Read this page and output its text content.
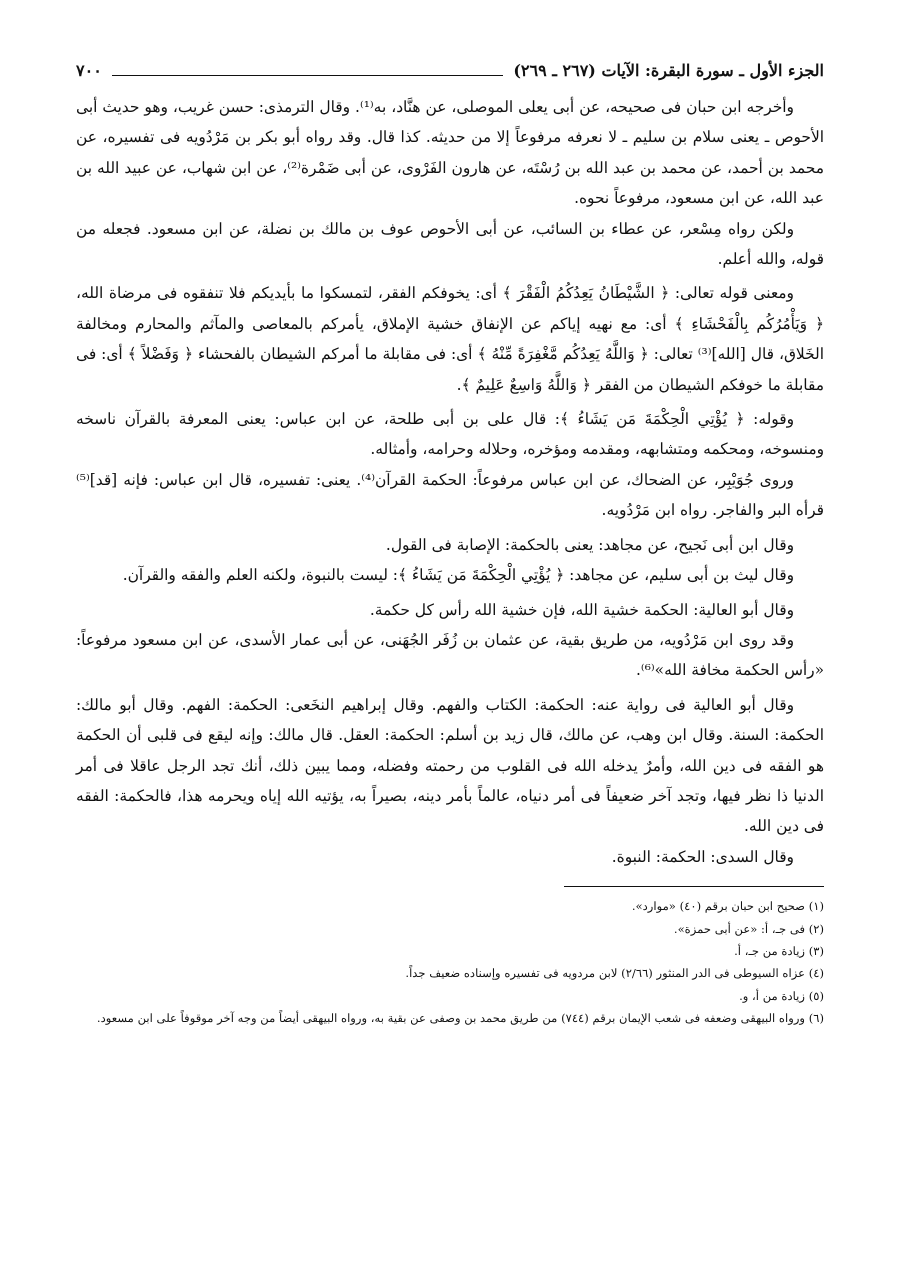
الجزء الأول ـ سورة البقرة: الآيات (٢٦٧ ـ ٢٦٩)
٧٠٠

وأخرجه ابن حبان فى صحيحه، عن أبى يعلى الموصلى، عن هنَّاد، به⁽¹⁾. وقال الترمذى: حسن غريب، وهو حديث أبى الأحوص ـ يعنى سلام بن سليم ـ لا نعرفه مرفوعاً إلا من حديثه. كذا قال. وقد رواه أبو بكر بن مَرْدُويه فى تفسيره، عن محمد بن أحمد، عن محمد بن عبد الله بن رُسْتَه، عن هارون الفَرْوى، عن أبى ضَمْرة⁽²⁾، عن ابن شهاب، عن عبيد الله بن عبد الله، عن ابن مسعود، مرفوعاً نحوه.

ولكن رواه مِسْعر، عن عطاء بن السائب، عن أبى الأحوص عوف بن مالك بن نضلة، عن ابن مسعود. فجعله من قوله، والله أعلم.

ومعنى قوله تعالى: ﴿ الشَّيْطَانُ يَعِدُكُمُ الْفَقْرَ ﴾ أى: يخوفكم الفقر، لتمسكوا ما بأيديكم فلا تنفقوه فى مرضاة الله، ﴿ وَيَأْمُرُكُم بِالْفَحْشَاءِ ﴾ أى: مع نهيه إياكم عن الإنفاق خشية الإملاق، يأمركم بالمعاصى والمآثم والمحارم ومخالفة الخَلاق، قال [الله]⁽³⁾ تعالى: ﴿ وَاللَّهُ يَعِدُكُم مَّغْفِرَةً مِّنْهُ ﴾ أى: فى مقابلة ما أمركم الشيطان بالفحشاء ﴿ وَفَضْلاً ﴾ أى: فى مقابلة ما خوفكم الشيطان من الفقر ﴿ وَاللَّهُ وَاسِعٌ عَلِيمٌ ﴾.

وقوله: ﴿ يُؤْتِي الْحِكْمَةَ مَن يَشَاءُ ﴾: قال على بن أبى طلحة، عن ابن عباس: يعنى المعرفة بالقرآن ناسخه ومنسوخه، ومحكمه ومتشابهه، ومقدمه ومؤخره، وحلاله وحرامه، وأمثاله.

وروى جُوَيْبِر، عن الضحاك، عن ابن عباس مرفوعاً: الحكمة القرآن⁽⁴⁾. يعنى: تفسيره، قال ابن عباس: فإنه [قد]⁽⁵⁾ قرأه البر والفاجر. رواه ابن مَرْدُويه.

وقال ابن أبى نَجيح، عن مجاهد: يعنى بالحكمة: الإصابة فى القول.

وقال ليث بن أبى سليم، عن مجاهد: ﴿ يُؤْتِي الْحِكْمَةَ مَن يَشَاءُ ﴾: ليست بالنبوة، ولكنه العلم والفقه والقرآن.

وقال أبو العالية: الحكمة خشية الله، فإن خشية الله رأس كل حكمة.

وقد روى ابن مَرْدُويه، من طريق بقية، عن عثمان بن زُفَر الجُهَنى، عن أبى عمار الأسدى، عن ابن مسعود مرفوعاً: «رأس الحكمة مخافة الله»⁽⁶⁾.

وقال أبو العالية فى رواية عنه: الحكمة: الكتاب والفهم. وقال إبراهيم النخَعى: الحكمة: الفهم. وقال أبو مالك: الحكمة: السنة. وقال ابن وهب، عن مالك، قال زيد بن أسلم: الحكمة: العقل. قال مالك: وإنه ليقع فى قلبى أن الحكمة هو الفقه فى دين الله، وأمرٌ يدخله الله فى القلوب من رحمته وفضله، ومما يبين ذلك، أنك تجد الرجل عاقلا فى أمر الدنيا ذا نظر فيها، وتجد آخر ضعيفاً فى أمر دنياه، عالماً بأمر دينه، بصيراً به، يؤتيه الله إياه ويحرمه هذا، فالحكمة: الفقه فى دين الله.

وقال السدى: الحكمة: النبوة.

(١) صحيح ابن حبان برقم (٤٠) «موارد».

(٢) فى جـ، أ: «عن أبى حمزة».

(٣) زيادة من جـ، أ.

(٤) عزاه السيوطى فى الدر المنثور (٢/٦٦) لابن مردويه فى تفسيره وإسناده ضعيف جداً.

(٥) زيادة من أ، و.

(٦) ورواه البيهقى وضعفه فى شعب الإيمان برقم (٧٤٤) من طريق محمد بن وصفى عن بقية به، ورواه البيهقى أيضاً من وجه آخر موقوفاً على ابن مسعود.
